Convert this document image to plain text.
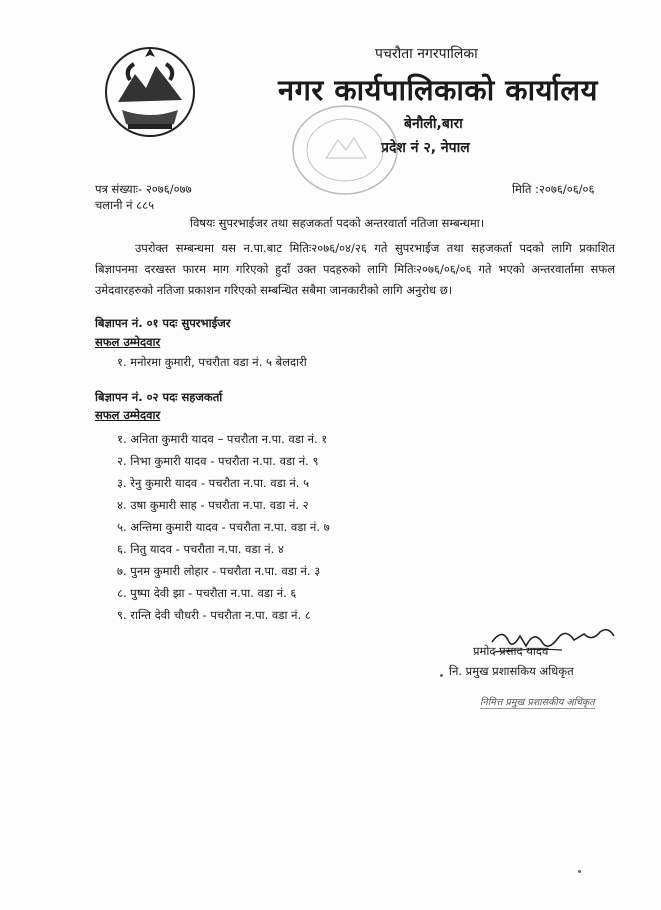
पचरौता नगरपालिका
नगर कार्यपालिकाको कार्यालय
बेनौली,बारा
प्रदेश नं २, नेपाल
पत्र संख्याः- २०७६/०७७
चलानी नं ८८५
मिति :२०७६/०६/०६
विषयः सुपरभाईजर तथा सहजकर्ता पदको अन्तरवार्ता नतिजा सम्बन्धमा।
उपरोक्त सम्बन्धमा यस न.पा.बाट मितिः२०७६/०४/२६ गते सुपरभाईज तथा सहजकर्ता पदको लागि प्रकाशित बिज्ञापनमा दरखस्त फारम माग गरिएको हुदाँ उक्त पदहरुको लागि मितिः२०७६/०६/०६ गते भएको अन्तरवार्तामा सफल उमेदवारहरुको नतिजा प्रकाशन गरिएको सम्बन्धित सबैमा जानकारीको लागि अनुरोध छ।
बिज्ञापन नं. ०१ पदः सुपरभाईजर
सफल उम्मेदवार
१. मनोरमा कुमारी, पचरौता वडा नं. ५ बेलदारी
बिज्ञापन नं. ०२ पदः सहजकर्ता
सफल उम्मेदवार
१. अनिता कुमारी यादव – पचरौता न.पा. वडा नं. १
२. निभा कुमारी यादव - पचरौता न.पा. वडा नं. ९
३. रेनु कुमारी यादव - पचरौता न.पा. वडा नं. ५
४. उषा कुमारी साह - पचरौता न.पा. वडा नं. २
५. अन्तिमा कुमारी यादव - पचरौता न.पा. वडा नं. ७
६. नितु यादव - पचरौता न.पा. वडा नं. ४
७. पुनम कुमारी लोहार - पचरौता न.पा. वडा नं. ३
८. पुष्पा देवी झा - पचरौता न.पा. वडा नं. ६
९. रान्ति देवी चौधरी - पचरौता न.पा. वडा नं. ८
प्रमोद प्रसाद यादव
नि. प्रमुख प्रशासकिय अधिकृत
निमित्त प्रमुख प्रशासकीय अधिकृत
